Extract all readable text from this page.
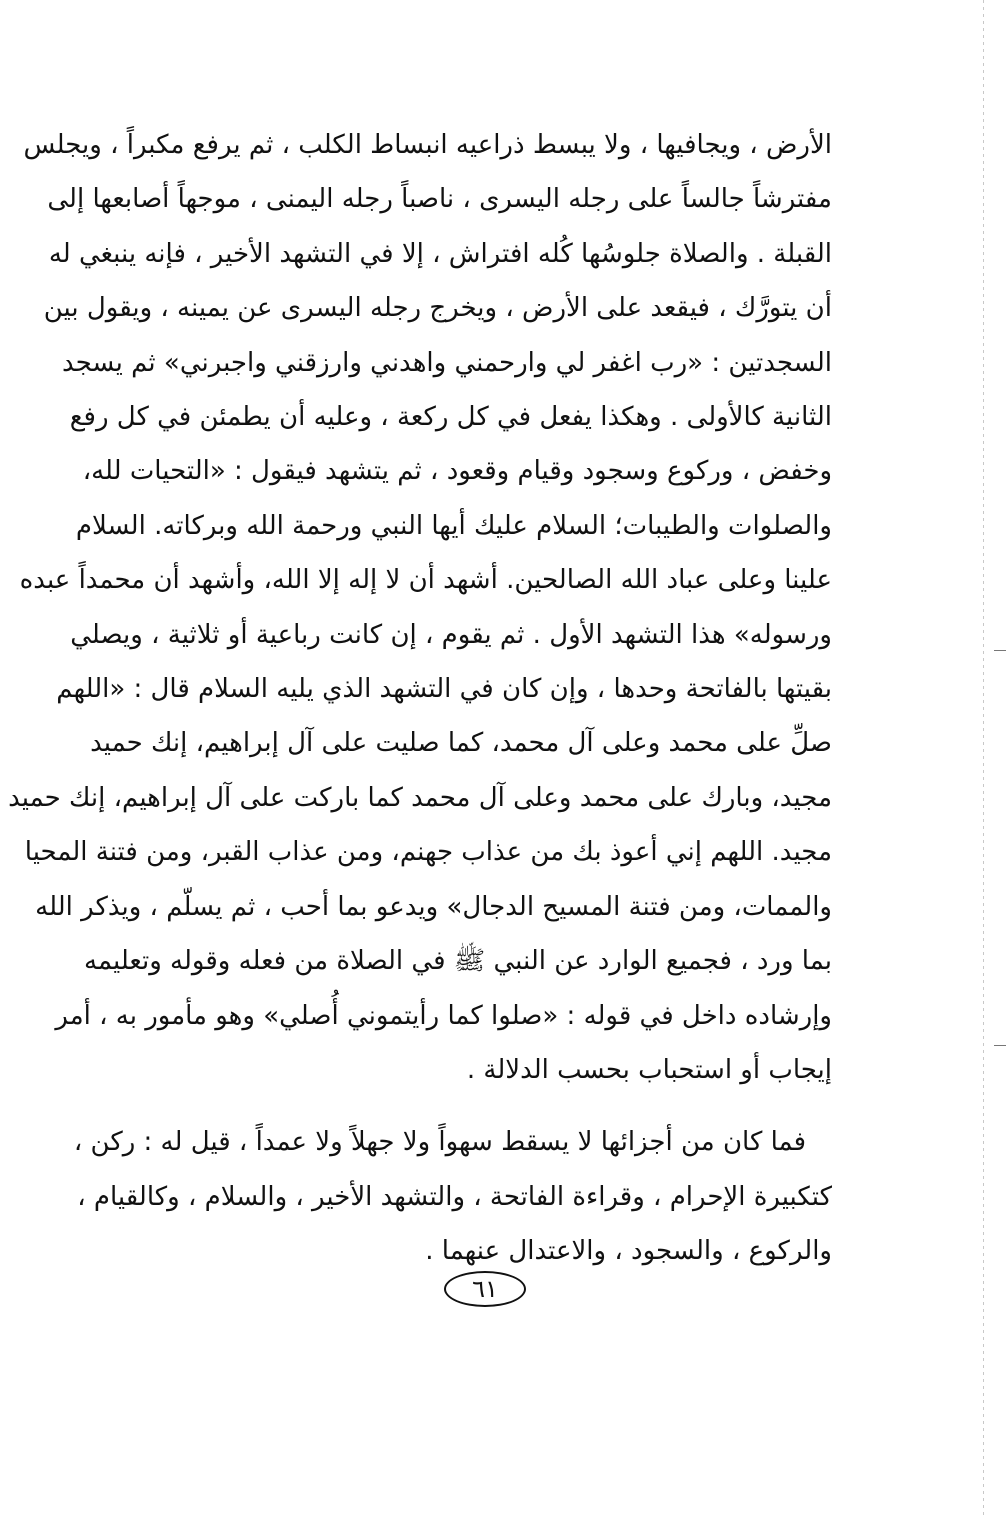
الأرض ، ويجافيها ، ولا يبسط ذراعيه انبساط الكلب ، ثم يرفع مكبراً ، ويجلس
مفترشاً جالساً على رجله اليسرى ، ناصباً رجله اليمنى ، موجهاً أصابعها إلى
القبلة . والصلاة جلوسُها كُله افتراش ، إلا في التشهد الأخير ، فإنه ينبغي له
أن يتورَّك ، فيقعد على الأرض ، ويخرج رجله اليسرى عن يمينه ، ويقول بين
السجدتين : «رب اغفر لي وارحمني واهدني وارزقني واجبرني» ثم يسجد
الثانية كالأولى . وهكذا يفعل في كل ركعة ، وعليه أن يطمئن في كل رفع
وخفض ، وركوع وسجود وقيام وقعود ، ثم يتشهد فيقول : «التحيات لله،
والصلوات والطيبات؛ السلام عليك أيها النبي ورحمة الله وبركاته. السلام
علينا وعلى عباد الله الصالحين. أشهد أن لا إله إلا الله، وأشهد أن محمداً عبده
ورسوله» هذا التشهد الأول . ثم يقوم ، إن كانت رباعية أو ثلاثية ، ويصلي
بقيتها بالفاتحة وحدها ، وإن كان في التشهد الذي يليه السلام قال : «اللهم
صلِّ على محمد وعلى آل محمد، كما صليت على آل إبراهيم، إنك حميد
مجيد، وبارك على محمد وعلى آل محمد كما باركت على آل إبراهيم، إنك حميد
مجيد. اللهم إني أعوذ بك من عذاب جهنم، ومن عذاب القبر، ومن فتنة المحيا
والممات، ومن فتنة المسيح الدجال» ويدعو بما أحب ، ثم يسلّم ، ويذكر الله
بما ورد ، فجميع الوارد عن النبي ﷺ في الصلاة من فعله وقوله وتعليمه
وإرشاده داخل في قوله : «صلوا كما رأيتموني أُصلي» وهو مأمور به ، أمر
إيجاب أو استحباب بحسب الدلالة .
فما كان من أجزائها لا يسقط سهواً ولا جهلاً ولا عمداً ، قيل له : ركن ،
كتكبيرة الإحرام ، وقراءة الفاتحة ، والتشهد الأخير ، والسلام ، وكالقيام ،
والركوع ، والسجود ، والاعتدال عنهما .
٦١
